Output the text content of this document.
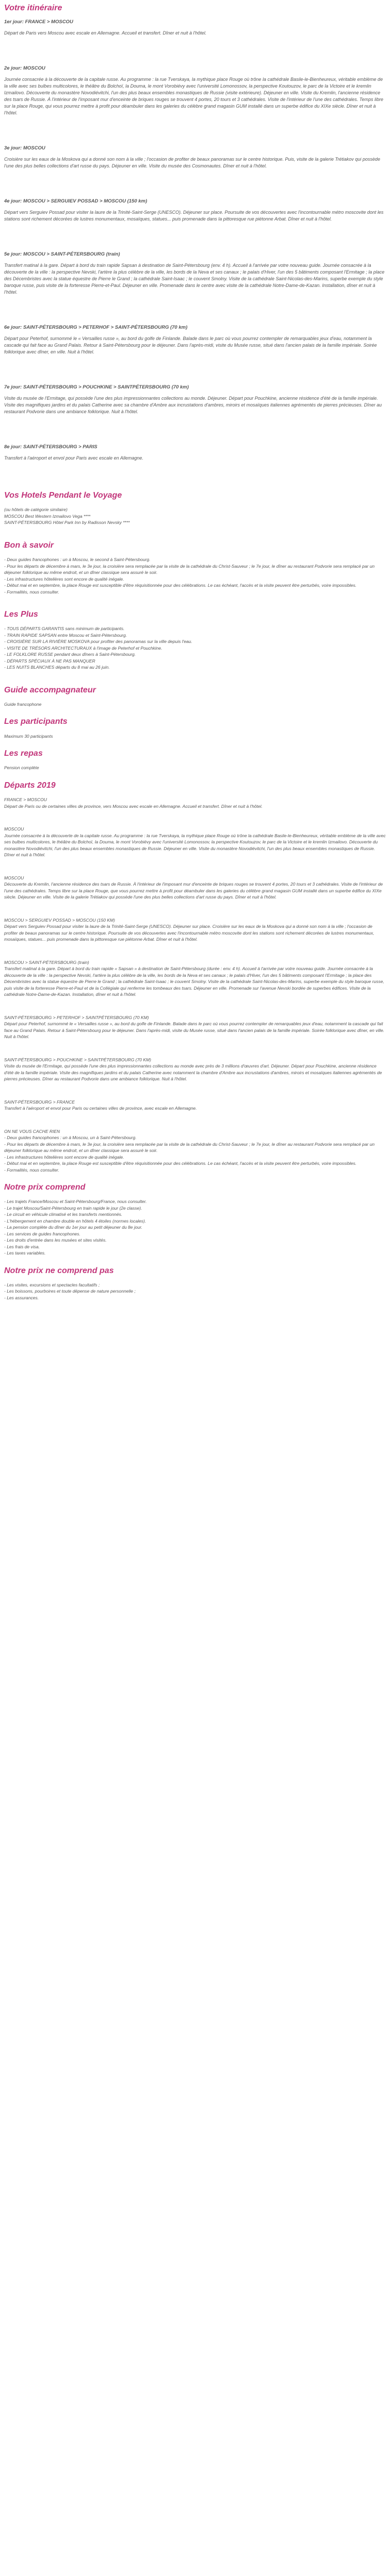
Votre itinéraire
1er jour: FRANCE > MOSCOU

Départ de Paris vers Moscou avec escale en Allemagne. Accueil et transfert. Dîner et nuit à l'hôtel.

2e jour: MOSCOU

Journée consacrée à la découverte de la capitale russe. Au programme : la rue Tverskaya, la mythique place Rouge où trône la cathédrale Basile-le-Bienheureux, véritable emblème de la ville avec ses bulbes multicolores, le théâtre du Bolchoï, la Douma, le mont Vorobiévy avec l'université Lomonossov, la perspective Koutouzov, le parc de la Victoire et le kremlin Izmailovo. Découverte du monastère Novodiévitchi, l'un des plus beaux ensembles monastiques de Russie (visite extérieure). Déjeuner en ville. Visite du Kremlin, l'ancienne résidence des tsars de Russie. À l'intérieur de l'imposant mur d'enceinte de briques rouges se trouvent 4 portes, 20 tours et 3 cathédrales. Visite de l'intérieur de l'une des cathédrales. Temps libre sur la place Rouge, qui vous pourrez mettre à profit pour déambuler dans les galeries du célèbre grand magasin GUM installé dans un superbe édifice du XIXe siècle. Dîner et nuit à l'hôtel.

3e jour: MOSCOU

Croisière sur les eaux de la Moskova qui a donné son nom à la ville ; l'occasion de profiter de beaux panoramas sur le centre historique. Puis, visite de la galerie Trétiakov qui possède l'une des plus belles collections d'art russe du pays. Déjeuner en ville. Visite du musée des Cosmonautes. Dîner et nuit à l'hôtel.

4e jour: MOSCOU > SERGUIEV POSSAD > MOSCOU (150 km)

Départ vers Serguiev Possad pour visiter la laure de la Trinité-Saint-Serge (UNESCO). Déjeuner sur place. Poursuite de vos découvertes avec l'incontournable métro moscovite dont les stations sont richement décorées de lustres monumentaux, mosaïques, statues... puis promenade dans la pittoresque rue piétonne Arbat. Dîner et nuit à l'hôtel.

5e jour: MOSCOU > SAINT-PÉTERSBOURG (train)

Transfert matinal à la gare. Départ à bord du train rapide Sapsan à destination de Saint-Pétersbourg (env. 4 h). Accueil à l'arrivée par votre nouveau guide. Journée consacrée à la découverte de la ville : la perspective Nevski, l'artère la plus célèbre de la ville, les bords de la Neva et ses canaux ; le palais d'Hiver, l'un des 5 bâtiments composant l'Ermitage ; la place des Décembristes avec la statue équestre de Pierre le Grand ; la cathédrale Saint-Isaac ; le couvent Smolny. Visite de la cathédrale Saint-Nicolas-des-Marins, superbe exemple du style baroque russe, puis visite de la forteresse Pierre-et-Paul. Déjeuner en ville. Promenade dans le centre avec visite de la cathédrale Notre-Dame-de-Kazan. Installation, dîner et nuit à l'hôtel.

6e jour: SAINT-PÉTERSBOURG > PETERHOF > SAINT-PÉTERSBOURG (70 km)

Départ pour Peterhof, surnommé le « Versailles russe », au bord du golfe de Finlande. Balade dans le parc où vous pourrez contempler de remarquables jeux d'eau, notamment la cascade qui fait face au Grand Palais. Retour à Saint-Pétersbourg pour le déjeuner. Dans l'après-midi, visite du Musée russe, situé dans l'ancien palais de la famille impériale. Soirée folklorique avec dîner, en ville. Nuit à l'hôtel.

7e jour: SAINT-PÉTERSBOURG > POUCHKINE > SAINTPÉTERSBOURG (70 km)

Visite du musée de l'Ermitage, qui possède l'une des plus impressionnantes collections au monde. Déjeuner. Départ pour Pouchkine, ancienne résidence d'été de la famille impériale. Visite des magnifiques jardins et du palais Catherine avec sa chambre d'Ambre aux incrustations d'ambres, miroirs et mosaïques italiennes agrémentés de pierres précieuses. Dîner au restaurant Podvorie dans une ambiance folklorique. Nuit à l'hôtel.

8e jour: SAINT-PÉTERSBOURG > PARIS

Transfert à l'aéroport et envol pour Paris avec escale en Allemagne.

Vos Hotels Pendant le Voyage
(ou hôtels de catégorie similaire)
MOSCOU Best Western Izmailovo Vega ****
SAINT-PÉTERSBOURG Hôtel Park Inn by Radisson Nevsky ****
Bon à savoir
- Deux guides francophones : un à Moscou, le second à Saint-Pétersbourg.
- Pour les départs de décembre à mars, le 3e jour, la croisière sera remplacée par la visite de la cathédrale du Christ-Sauveur ; le 7e jour, le dîner au restaurant Podvorie sera remplacé par un déjeuner folklorique au même endroit, et un dîner classique sera assuré le soir.
- Les infrastructures hôtelières sont encore de qualité inégale.
- Début mai et en septembre, la place Rouge est susceptible d'être réquisitionnée pour des célébrations. Le cas échéant, l'accès et la visite peuvent être perturbés, voire impossibles.
- Formalités, nous consulter.
Les Plus
- TOUS DÉPARTS GARANTIS sans minimum de participants.
- TRAIN RAPIDE SAPSAN entre Moscou et Saint-Pétersbourg.
- CROISIÈRE SUR LA RIVIÈRE MOSKOVA pour profiter des panoramas sur la ville depuis l'eau.
- VISITE DE TRÉSORS ARCHITECTURAUX à l'image de Peterhof et Pouchkine.
- LE FOLKLORE RUSSE pendant deux dîners à Saint-Pétersbourg.
- DÉPARTS SPÉCIAUX À NE PAS MANQUER
- LES NUITS BLANCHES départs du 8 mai au 26 juin.
Guide accompagnateur
Guide francophone
Les participants
Maximum 30 participants
Les repas
Pension complète
Départs 2019
FRANCE > MOSCOU
Départ de Paris ou de certaines villes de province, vers Moscou avec escale en Allemagne. Accueil et transfert. Dîner et nuit à l'hôtel.
MOSCOU
Journée consacrée à la découverte de la capitale russe. Au programme : la rue Tverskaya, la mythique place Rouge où trône la cathédrale Basile-le-Bienheureux, véritable emblème de la ville avec ses bulbes multicolores, le théâtre du Bolchoï, la Douma, le mont Vorobiévy avec l'université Lomonossov, la perspective Koutouzov, le parc de la Victoire et le kremlin Izmailovo. Découverte du monastère Novodiévitchi, l'un des plus beaux ensembles monastiques de Russie. Déjeuner en ville. Visite du monastère Novodiévitchi, l'un des plus beaux ensembles monastiques de Russie. Dîner et nuit à l'hôtel.
MOSCOU
Découverte du Kremlin, l'ancienne résidence des tsars de Russie. À l'intérieur de l'imposant mur d'enceinte de briques rouges se trouvent 4 portes, 20 tours et 3 cathédrales. Visite de l'intérieur de l'une des cathédrales. Temps libre sur la place Rouge, que vous pourrez mettre à profit pour déambuler dans les galeries du célèbre grand magasin GUM installé dans un superbe édifice du XIXe siècle. Déjeuner en ville. Visite de la galerie Trétiakov qui possède l'une des plus belles collections d'art russe du pays. Dîner et nuit à l'hôtel.
MOSCOU > SERGUIEV POSSAD > MOSCOU (150 KM)
Départ vers Serguiev Possad pour visiter la laure de la Trinité-Saint-Serge (UNESCO). Déjeuner sur place. Croisière sur les eaux de la Moskova qui a donné son nom à la ville ; l'occasion de profiter de beaux panoramas sur le centre historique. Poursuite de vos découvertes avec l'incontournable métro moscovite dont les stations sont richement décorées de lustres monumentaux, mosaïques, statues... puis promenade dans la pittoresque rue piétonne Arbat. Dîner et nuit à l'hôtel.
MOSCOU > SAINT-PÉTERSBOURG (train)
Transfert matinal à la gare. Départ à bord du train rapide « Sapsan » à destination de Saint-Pétersbourg (durée : env. 4 h). Accueil à l'arrivée par votre nouveau guide. Journée consacrée à la découverte de la ville : la perspective Nevski, l'artère la plus célèbre de la ville, les bords de la Neva et ses canaux ; le palais d'Hiver, l'un des 5 bâtiments composant l'Ermitage ; la place des Décembristes avec la statue équestre de Pierre le Grand ; la cathédrale Saint-Isaac ; le couvent Smolny. Visite de la cathédrale Saint-Nicolas-des-Marins, superbe exemple du style baroque russe, puis visite de la forteresse Pierre-et-Paul et de la Collégiale qui renferme les tombeaux des tsars. Déjeuner en ville. Promenade sur l'avenue Nevski bordée de superbes édifices. Visite de la cathédrale Notre-Dame-de-Kazan. Installation, dîner et nuit à l'hôtel.
SAINT-PÉTERSBOURG > PETERHOF > SAINTPÉTERSBOURG (70 KM)
Départ pour Peterhof, surnommé le « Versailles russe », au bord du golfe de Finlande. Balade dans le parc où vous pourrez contempler de remarquables jeux d'eau, notamment la cascade qui fait face au Grand Palais. Retour à Saint-Pétersbourg pour le déjeuner. Dans l'après-midi, visite du Musée russe, situé dans l'ancien palais de la famille impériale. Soirée folklorique avec dîner, en ville. Nuit à l'hôtel.
SAINT-PÉTERSBOURG > POUCHKINE > SAINTPÉTERSBOURG (70 KM)
Visite du musée de l'Ermitage, qui possède l'une des plus impressionnantes collections au monde avec près de 3 millions d'œuvres d'art. Déjeuner. Départ pour Pouchkine, ancienne résidence d'été de la famille impériale. Visite des magnifiques jardins et du palais Catherine avec notamment la chambre d'Ambre aux incrustations d'ambres, miroirs et mosaïques italiennes agrémentés de pierres précieuses. Dîner au restaurant Podvorie dans une ambiance folklorique. Nuit à l'hôtel.
SAINT-PÉTERSBOURG > FRANCE
Transfert à l'aéroport et envol pour Paris ou certaines villes de province, avec escale en Allemagne.
ON NE VOUS CACHE RIEN
- Deux guides francophones : un à Moscou, un à Saint-Pétersbourg.
- Pour les départs de décembre à mars, le 3e jour, la croisière sera remplacée par la visite de la cathédrale du Christ-Sauveur ; le 7e jour, le dîner au restaurant Podvorie sera remplacé par un déjeuner folklorique au même endroit, et un dîner classique sera assuré le soir.
- Les infrastructures hôtelières sont encore de qualité inégale.
- Début mai et en septembre, la place Rouge est susceptible d'être réquisitionnée pour des célébrations. Le cas échéant, l'accès et la visite peuvent être perturbés, voire impossibles.
- Formalités, nous consulter.
Notre prix comprend
- Les trajets France/Moscou et Saint-Pétersbourg/France, nous consulter.
- Le trajet Moscou/Saint-Pétersbourg en train rapide le jour (2e classe).
- Le circuit en véhicule climatisé et les transferts mentionnés.
- L'hébergement en chambre double en hôtels 4 étoiles (normes locales).
- La pension complète du dîner du 1er jour au petit déjeuner du 8e jour.
- Les services de guides francophones.
- Les droits d'entrée dans les musées et sites visités.
- Les frais de visa.
- Les taxes variables.
Notre prix ne comprend pas
- Les visites, excursions et spectacles facultatifs ;
- Les boissons, pourboires et toute dépense de nature personnelle ;
- Les assurances.
